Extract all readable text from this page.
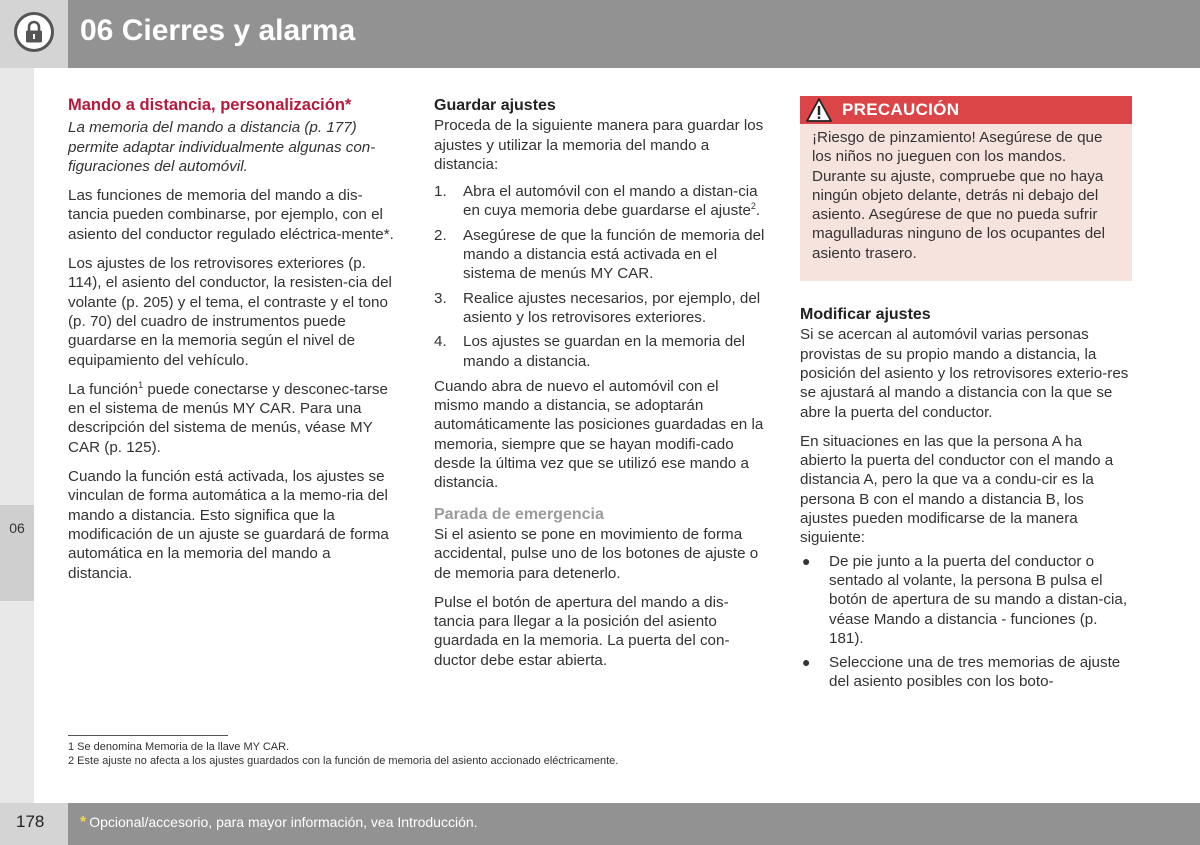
06 Cierres y alarma
06
Mando a distancia, personalización*

La memoria del mando a distancia (p. 177) permite adaptar individualmente algunas con-figuraciones del automóvil.

Las funciones de memoria del mando a dis-tancia pueden combinarse, por ejemplo, con el asiento del conductor regulado eléctrica-mente*.

Los ajustes de los retrovisores exteriores (p. 114), el asiento del conductor, la resisten-cia del volante (p. 205) y el tema, el contraste y el tono (p. 70) del cuadro de instrumentos puede guardarse en la memoria según el nivel de equipamiento del vehículo.

La función$^1$ puede conectarse y desconec-tarse en el sistema de menús MY CAR. Para una descripción del sistema de menús, véase MY CAR (p. 125).

Cuando la función está activada, los ajustes se vinculan de forma automática a la memo-ria del mando a distancia. Esto significa que la modificación de un ajuste se guardará de forma automática en la memoria del mando a distancia.

Guardar ajustes

Proceda de la siguiente manera para guardar los ajustes y utilizar la memoria del mando a distancia:

1. Abra el automóvil con el mando a distan-cia en cuya memoria debe guardarse el ajuste$^2$.
2. Asegúrese de que la función de memoria del mando a distancia está activada en el sistema de menús MY CAR.
3. Realice ajustes necesarios, por ejemplo, del asiento y los retrovisores exteriores.
4. Los ajustes se guardan en la memoria del mando a distancia.

Cuando abra de nuevo el automóvil con el mismo mando a distancia, se adoptarán automáticamente las posiciones guardadas en la memoria, siempre que se hayan modifi-cado desde la última vez que se utilizó ese mando a distancia.

Parada de emergencia

Si el asiento se pone en movimiento de forma accidental, pulse uno de los botones de ajuste o de memoria para detenerlo.

Pulse el botón de apertura del mando a dis-tancia para llegar a la posición del asiento guardada en la memoria. La puerta del con-ductor debe estar abierta.

PRECAUCIÓN

¡Riesgo de pinzamiento! Asegúrese de que los niños no jueguen con los mandos. Durante su ajuste, compruebe que no haya ningún objeto delante, detrás ni debajo del asiento. Asegúrese de que no pueda sufrir magulladuras ninguno de los ocupantes del asiento trasero.

Modificar ajustes

Si se acercan al automóvil varias personas provistas de su propio mando a distancia, la posición del asiento y los retrovisores exterio-res se ajustará al mando a distancia con la que se abre la puerta del conductor.

En situaciones en las que la persona A ha abierto la puerta del conductor con el mando a distancia A, pero la que va a condu-cir es la persona B con el mando a distancia B, los ajustes pueden modificarse de la manera siguiente:

● De pie junto a la puerta del conductor o sentado al volante, la persona B pulsa el botón de apertura de su mando a distan-cia, véase Mando a distancia - funciones (p. 181).
● Seleccione una de tres memorias de ajuste del asiento posibles con los boto-
1 Se denomina Memoria de la llave MY CAR.
2 Este ajuste no afecta a los ajustes guardados con la función de memoria del asiento accionado eléctricamente.
178 * Opcional/accesorio, para mayor información, vea Introducción.
